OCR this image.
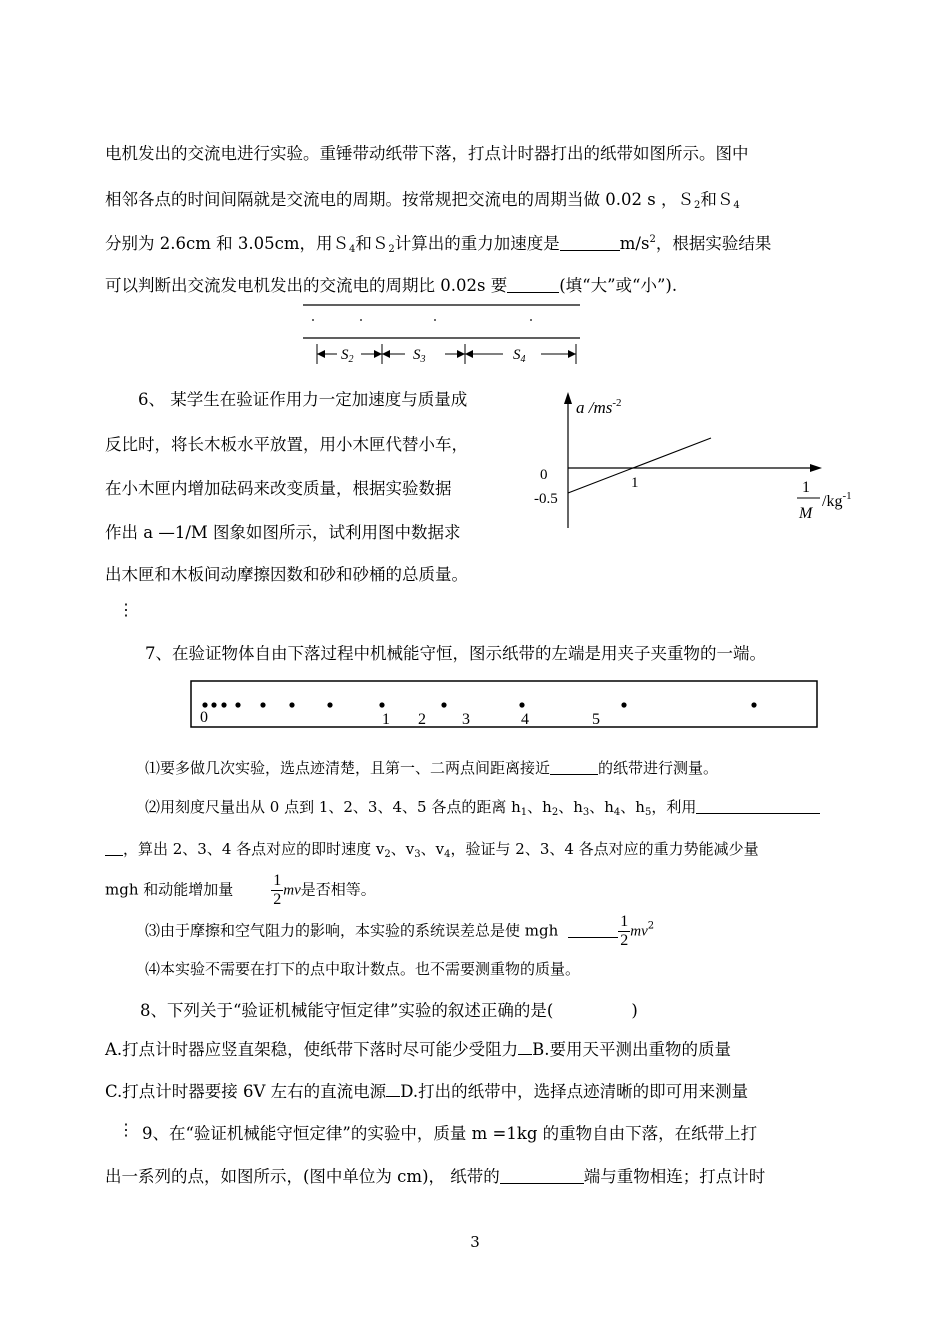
电机发出的交流电进行实验。重锤带动纸带下落，打点计时器打出的纸带如图所示。图中
相邻各点的时间间隔就是交流电的周期。按常规把交流电的周期当做 0.02 s ，Ｓ$_2$和Ｓ$_4$
分别为 2.6cm 和 3.05cm，用Ｓ$_4$和Ｓ$_2$计算出的重力加速度是	$m/s^2$，根据实验结果
可以判断出交流发电机发出的交流电的周期比 0.02s 要	(填“大”或“小”).
$S_2$	$S_3$	$S_4$
6、 某学生在验证作用力一定加速度与质量成
反比时，将长木板水平放置，用小木匣代替小车，
在小木匣内增加砝码来改变质量，根据实验数据
作出 a —1/M 图象如图所示，试利用图中数据求
出木匣和木板间动摩擦因数和砂和砂桶的总质量。
⋮
a $/ms^{-2}$
0
-0.5
1	1
M
$/kg^{-1}$
7、在验证物体自由下落过程中机械能守恒，图示纸带的左端是用夹子夹重物的一端。
0	1 2 3	4	5
⑴要多做几次实验，选点迹清楚，且第一、二两点间距离接近	的纸带进行测量。
⑵用刻度尺量出从 0 点到 1、2、3、4、5 各点的距离 $h_1$、$h_2$、$h_3$、$h_4$、$h_5$，利用
，算出 2、3、4 各点对应的即时速度 $v_2$、$v_3$、$v_4$，验证与 2、3、4 各点对应的重力势能减少量
mgh 和动能增加量 $\frac{1}{2}$ mv是否相等。
⑶由于摩擦和空气阻力的影响，本实验的系统误差总是使 mgh	$\frac{1}{2} mv^2$
⑷本实验不需要在打下的点中取计数点。也不需要测重物的质量。
8、下列关于“验证机械能守恒定律”实验的叙述正确的是(	)
A.打点计时器应竖直架稳，使纸带下落时尽可能少受阻力 B.要用天平测出重物的质量
C.打点计时器要接 6V 左右的直流电源 D.打出的纸带中，选择点迹清晰的即可用来测量
⋮ 9、在“验证机械能守恒定律”的实验中，质量 m =1kg 的重物自由下落，在纸带上打
出一系列的点，如图所示，(图中单位为 cm)， 纸带的	端与重物相连；打点计时
3
